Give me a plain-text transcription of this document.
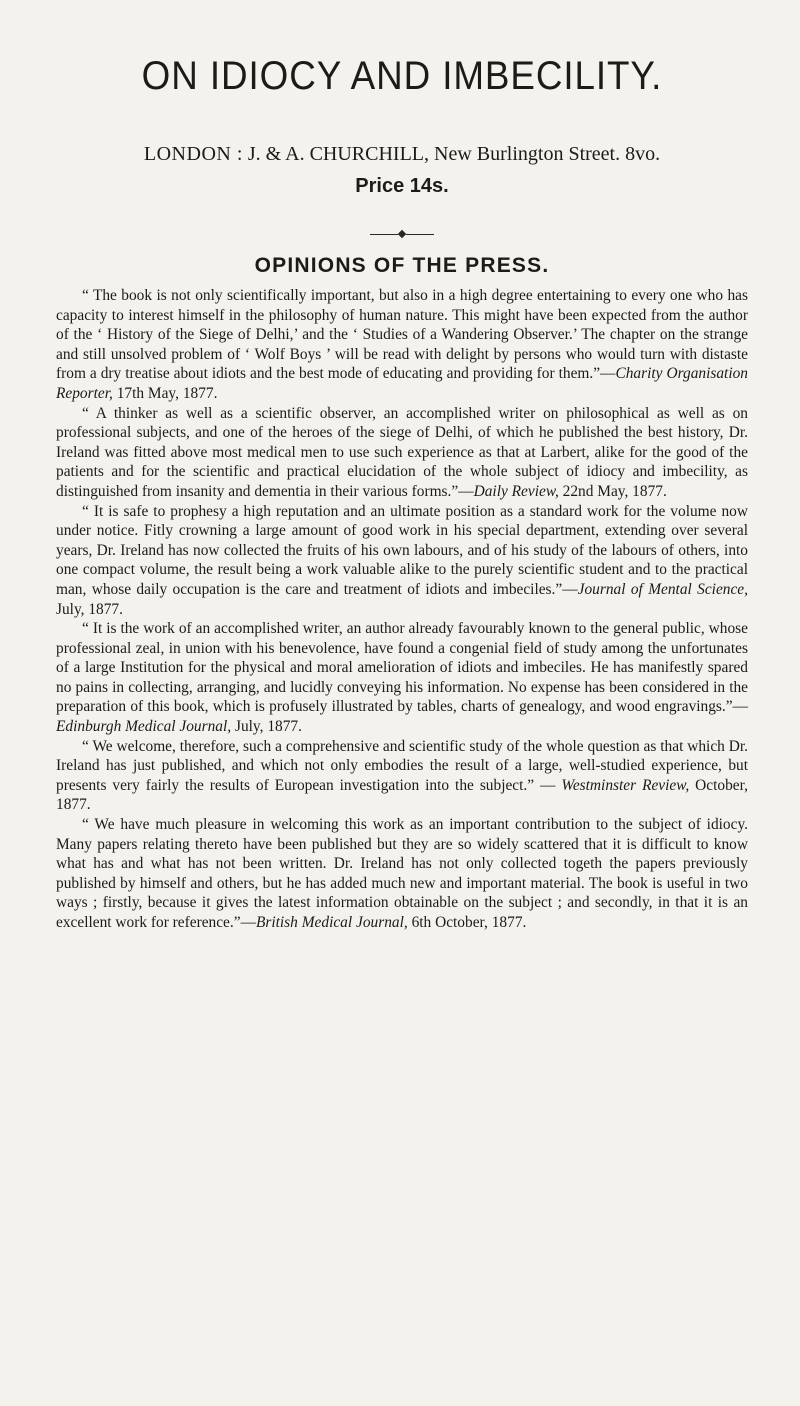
ON IDIOCY AND IMBECILITY.
LONDON : J. & A. CHURCHILL, New Burlington Street. 8vo.
Price 14s.
OPINIONS OF THE PRESS.

“ The book is not only scientifically important, but also in a high degree entertaining to every one who has capacity to interest himself in the philosophy of human nature. This might have been expected from the author of the ‘ History of the Siege of Delhi,’ and the ‘ Studies of a Wandering Observer.’ The chapter on the strange and still unsolved problem of ‘ Wolf Boys ’ will be read with delight by persons who would turn with distaste from a dry treatise about idiots and the best mode of educating and providing for them.”—Charity Organisation Reporter, 17th May, 1877.

“ A thinker as well as a scientific observer, an accomplished writer on philosophical as well as on professional subjects, and one of the heroes of the siege of Delhi, of which he published the best history, Dr. Ireland was fitted above most medical men to use such experience as that at Larbert, alike for the good of the patients and for the scientific and practical elucidation of the whole subject of idiocy and imbecility, as distinguished from insanity and dementia in their various forms.”—Daily Review, 22nd May, 1877.

“ It is safe to prophesy a high reputation and an ultimate position as a standard work for the volume now under notice. Fitly crowning a large amount of good work in his special department, extending over several years, Dr. Ireland has now collected the fruits of his own labours, and of his study of the labours of others, into one compact volume, the result being a work valuable alike to the purely scientific student and to the practical man, whose daily occupation is the care and treatment of idiots and imbeciles.”—Journal of Mental Science, July, 1877.

“ It is the work of an accomplished writer, an author already favourably known to the general public, whose professional zeal, in union with his benevolence, have found a congenial field of study among the unfortunates of a large Institution for the physical and moral amelioration of idiots and imbeciles. He has manifestly spared no pains in collecting, arranging, and lucidly conveying his information. No expense has been considered in the preparation of this book, which is profusely illustrated by tables, charts of genealogy, and wood engravings.”—Edinburgh Medical Journal, July, 1877.

“ We welcome, therefore, such a comprehensive and scientific study of the whole question as that which Dr. Ireland has just published, and which not only embodies the result of a large, well-studied experience, but presents very fairly the results of European investigation into the subject.” — Westminster Review, October, 1877.

“ We have much pleasure in welcoming this work as an important contribution to the subject of idiocy. Many papers relating thereto have been published but they are so widely scattered that it is difficult to know what has and what has not been written. Dr. Ireland has not only collected togeth the papers previously published by himself and others, but he has added much new and important material. The book is useful in two ways ; firstly, because it gives the latest information obtainable on the subject ; and secondly, in that it is an excellent work for reference.”—British Medical Journal, 6th October, 1877.
